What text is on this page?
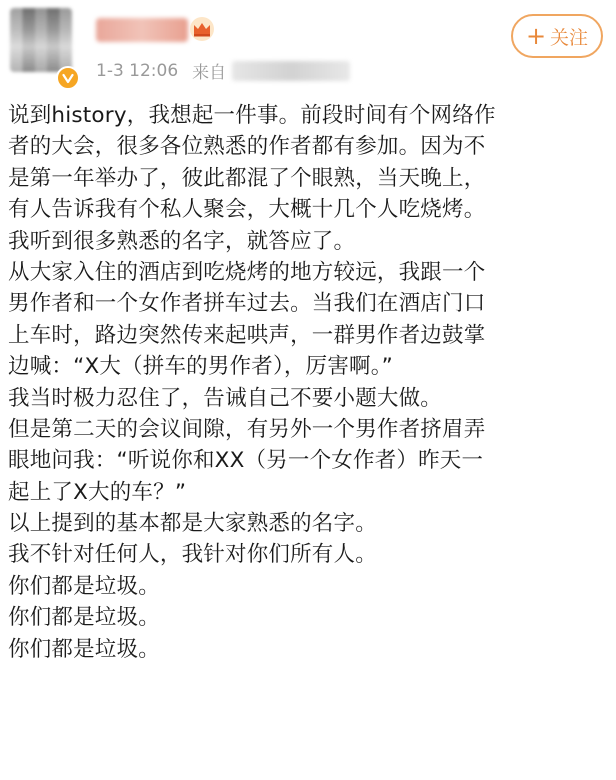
1-3 12:06 来自
+ 关注
说到history，我想起一件事。前段时间有个网络作
者的大会，很多各位熟悉的作者都有参加。因为不
是第一年举办了，彼此都混了个眼熟，当天晚上，
有人告诉我有个私人聚会，大概十几个人吃烧烤。
我听到很多熟悉的名字，就答应了。
从大家入住的酒店到吃烧烤的地方较远，我跟一个
男作者和一个女作者拼车过去。当我们在酒店门口
上车时，路边突然传来起哄声，一群男作者边鼓掌
边喊：“X大（拼车的男作者），厉害啊。”
我当时极力忍住了，告诫自己不要小题大做。
但是第二天的会议间隙，有另外一个男作者挤眉弄
眼地问我：“听说你和XX（另一个女作者）昨天一
起上了X大的车？”
以上提到的基本都是大家熟悉的名字。
我不针对任何人，我针对你们所有人。
你们都是垃圾。
你们都是垃圾。
你们都是垃圾。
